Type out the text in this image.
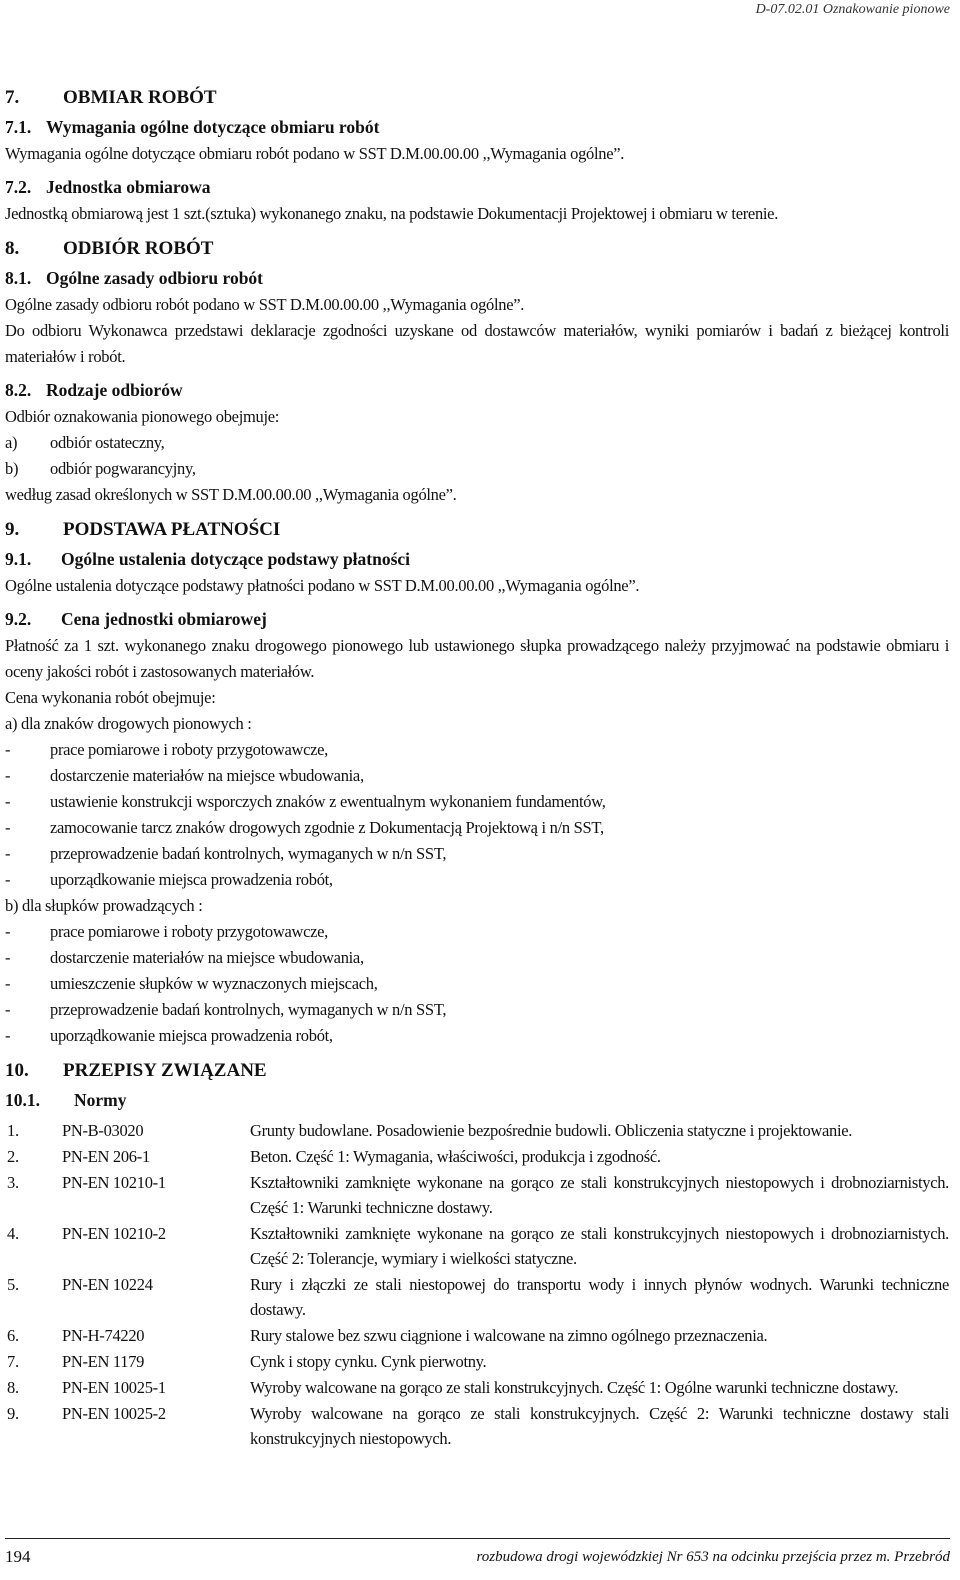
D-07.02.01 Oznakowanie pionowe
7.	OBMIAR ROBÓT
7.1. Wymagania ogólne dotyczące obmiaru robót
Wymagania ogólne dotyczące obmiaru robót podano w SST D.M.00.00.00 ,,Wymagania ogólne”.
7.2. Jednostka obmiarowa
Jednostką obmiarową jest 1 szt.(sztuka) wykonanego znaku, na podstawie Dokumentacji Projektowej i obmiaru w terenie.
8.	ODBIÓR ROBÓT
8.1. Ogólne zasady odbioru robót
Ogólne zasady odbioru robót podano w SST D.M.00.00.00 ,,Wymagania ogólne”.
Do odbioru Wykonawca przedstawi deklaracje zgodności uzyskane od dostawców materiałów, wyniki pomiarów i badań z bieżącej kontroli materiałów i robót.
8.2. Rodzaje odbiorów
Odbiór oznakowania pionowego obejmuje:
a)	odbiór ostateczny,
b)	odbiór pogwarancyjny,
według zasad określonych w SST D.M.00.00.00 ,,Wymagania ogólne”.
9.	PODSTAWA PŁATNOŚCI
9.1.	Ogólne ustalenia dotyczące podstawy płatności
Ogólne ustalenia dotyczące podstawy płatności podano w SST D.M.00.00.00 ,,Wymagania ogólne”.
9.2.	Cena jednostki obmiarowej
Płatność za 1 szt. wykonanego znaku drogowego pionowego lub ustawionego słupka prowadzącego należy przyjmować na podstawie obmiaru i oceny jakości robót i zastosowanych materiałów.
Cena wykonania robót obejmuje:
a) dla znaków drogowych pionowych :
-	prace pomiarowe i roboty przygotowawcze,
-	dostarczenie materiałów na miejsce wbudowania,
-	ustawienie konstrukcji wsporczych znaków z ewentualnym wykonaniem fundamentów,
-	zamocowanie tarcz znaków drogowych zgodnie z Dokumentacją Projektową i n/n SST,
-	przeprowadzenie badań kontrolnych, wymaganych w n/n SST,
-	uporządkowanie miejsca prowadzenia robót,
b) dla słupków prowadzących :
-	prace pomiarowe i roboty przygotowawcze,
-	dostarczenie materiałów na miejsce wbudowania,
-	umieszczenie słupków w wyznaczonych miejscach,
-	przeprowadzenie badań kontrolnych, wymaganych w n/n SST,
-	uporządkowanie miejsca prowadzenia robót,
10.	PRZEPISY ZWIĄZANE
10.1.	Normy
1.	PN-B-03020	Grunty budowlane. Posadowienie bezpośrednie budowli. Obliczenia statyczne i projektowanie.
2.	PN-EN 206-1	Beton. Część 1: Wymagania, właściwości, produkcja i zgodność.
3.	PN-EN 10210-1	Kształtowniki zamknięte wykonane na gorąco ze stali konstrukcyjnych niestopowych i drobnoziarnistych. Część 1: Warunki techniczne dostawy.
4.	PN-EN 10210-2	Kształtowniki zamknięte wykonane na gorąco ze stali konstrukcyjnych niestopowych i drobnoziarnistych. Część 2: Tolerancje, wymiary i wielkości statyczne.
5.	PN-EN 10224	Rury i złączki ze stali niestopowej do transportu wody i innych płynów wodnych. Warunki techniczne dostawy.
6.	PN-H-74220	Rury stalowe bez szwu ciągnione i walcowane na zimno ogólnego przeznaczenia.
7.	PN-EN 1179	Cynk i stopy cynku. Cynk pierwotny.
8.	PN-EN 10025-1	Wyroby walcowane na gorąco ze stali konstrukcyjnych. Część 1: Ogólne warunki techniczne dostawy.
9.	PN-EN 10025-2	Wyroby walcowane na gorąco ze stali konstrukcyjnych. Część 2: Warunki techniczne dostawy stali konstrukcyjnych niestopowych.
194	rozbudowa drogi wojewódzkiej Nr 653 na odcinku przejścia przez m. Przebród
